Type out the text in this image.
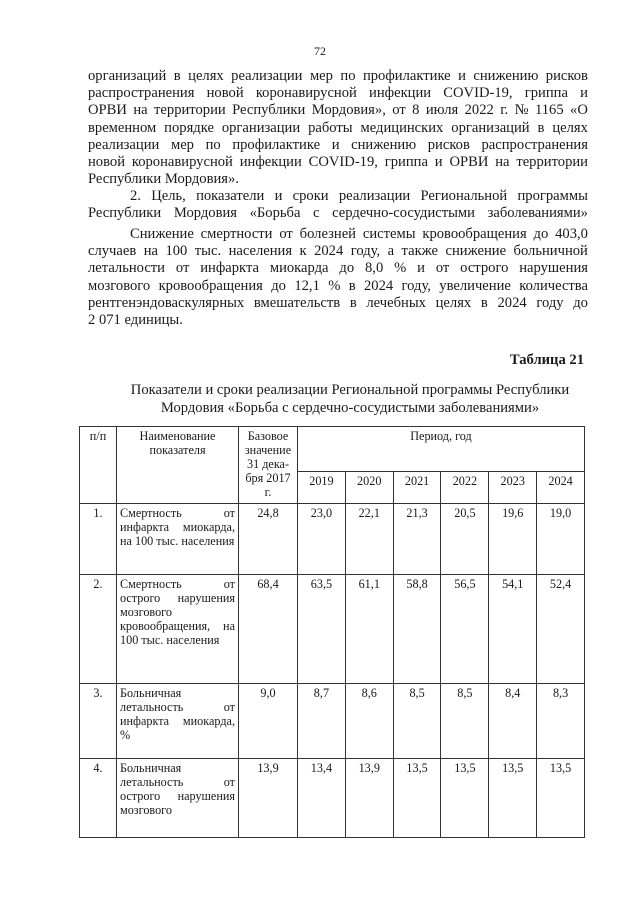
72
организаций в целях реализации мер по профилактике и снижению рисков
распространения новой коронавирусной инфекции COVID-19, гриппа и
ОРВИ на территории Республики Мордовия», от 8 июля 2022 г. № 1165 «О
временном порядке организации работы медицинских организаций в целях
реализации мер по профилактике и снижению рисков распространения
новой коронавирусной инфекции COVID-19, гриппа и ОРВИ на территории
Республики Мордовия».
2. Цель, показатели и сроки реализации Региональной программы
Республики Мордовия «Борьба с сердечно-сосудистыми заболеваниями»
Снижение смертности от болезней системы кровообращения до 403,0
случаев на 100 тыс. населения к 2024 году, а также снижение больничной
летальности от инфаркта миокарда до 8,0 % и от острого нарушения
мозгового кровообращения до 12,1 % в 2024 году, увеличение количества
рентгенэндоваскулярных вмешательств в лечебных целях в 2024 году до
2 071 единицы.
Таблица 21
Показатели и сроки реализации Региональной программы Республики
Мордовия «Борьба с сердечно-сосудистыми заболеваниями»
п/п	Наименование показателя	Базовое значение 31 дека-бря 2017 г.	Период, год					
			2019	2020	2021	2022	2023	2024
1.	Смертность от инфаркта миокарда, на 100 тыс. населения	24,8	23,0	22,1	21,3	20,5	19,6	19,0
2.	Смертность от острого нарушения мозгового кровообращения, на 100 тыс. населения	68,4	63,5	61,1	58,8	56,5	54,1	52,4
3.	Больничная летальность от инфаркта миокарда, %	9,0	8,7	8,6	8,5	8,5	8,4	8,3
4.	Больничная летальность от острого нарушения мозгового	13,9	13,4	13,9	13,5	13,5	13,5	13,5
